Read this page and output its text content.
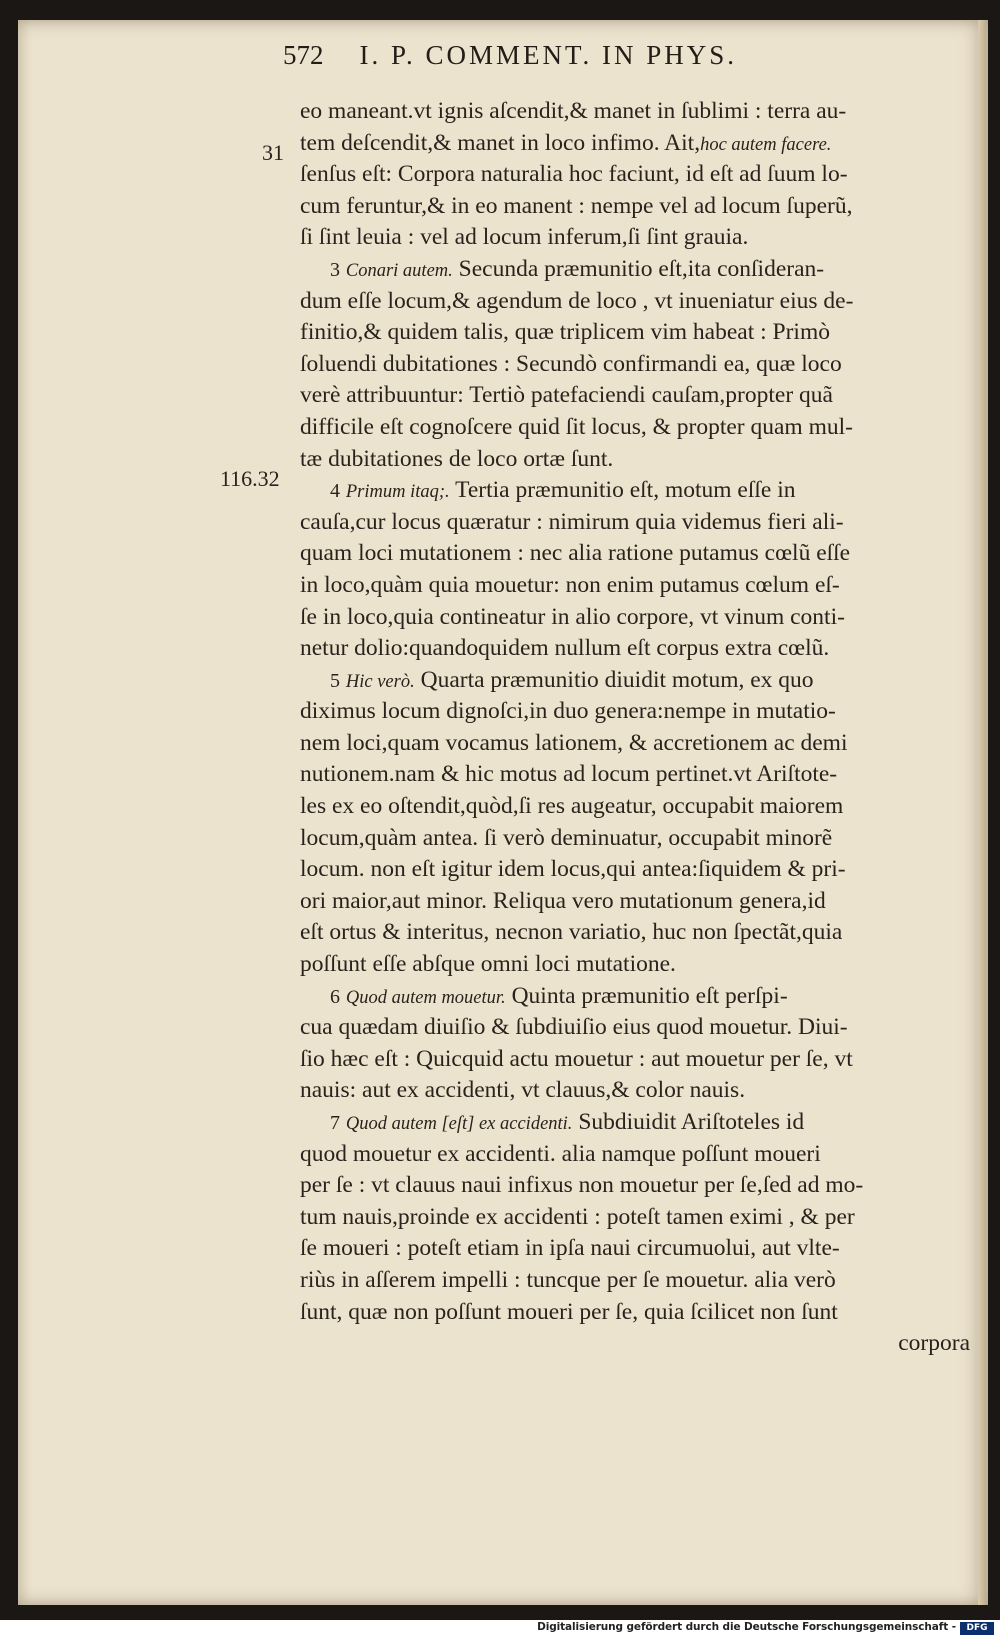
572 I. P. COMMENT. IN PHYS.
31
116.32
eo maneant.vt ignis aſcendit,& manet in ſublimi : terra au-
tem deſcendit,& manet in loco infimo. Ait,hoc autem facere.
ſenſus eſt: Corpora naturalia hoc faciunt, id eſt ad ſuum lo-
cum feruntur,& in eo manent : nempe vel ad locum ſuperũ,
ſi ſint leuia : vel ad locum inferum,ſi ſint grauia.
3 Conari autem. Secunda præmunitio eſt,ita conſideran-
dum eſſe locum,& agendum de loco , vt inueniatur eius de-
finitio,& quidem talis, quæ triplicem vim habeat : Primò
ſoluendi dubitationes : Secundò confirmandi ea, quæ loco
verè attribuuntur: Tertiò patefaciendi cauſam,propter quã
difficile eſt cognoſcere quid ſit locus, & propter quam mul-
tæ dubitationes de loco ortæ ſunt.
4 Primum itaq;. Tertia præmunitio eſt, motum eſſe in
cauſa,cur locus quæratur : nimirum quia videmus fieri ali-
quam loci mutationem : nec alia ratione putamus cœlũ eſſe
in loco,quàm quia mouetur: non enim putamus cœlum eſ-
ſe in loco,quia contineatur in alio corpore, vt vinum conti-
netur dolio:quandoquidem nullum eſt corpus extra cœlũ.
5 Hic verò. Quarta præmunitio diuidit motum, ex quo
diximus locum dignoſci,in duo genera:nempe in mutatio-
nem loci,quam vocamus lationem, & accretionem ac demi
nutionem.nam & hic motus ad locum pertinet.vt Ariſtote-
les ex eo oſtendit,quòd,ſi res augeatur, occupabit maiorem
locum,quàm antea. ſi verò deminuatur, occupabit minorẽ
locum. non eſt igitur idem locus,qui antea:ſiquidem & pri-
ori maior,aut minor. Reliqua vero mutationum genera,id
eſt ortus & interitus, necnon variatio, huc non ſpectãt,quia
poſſunt eſſe abſque omni loci mutatione.
6 Quod autem mouetur. Quinta præmunitio eſt perſpi-
cua quædam diuiſio & ſubdiuiſio eius quod mouetur. Diui-
ſio hæc eſt : Quicquid actu mouetur : aut mouetur per ſe, vt
nauis: aut ex accidenti, vt clauus,& color nauis.
7 Quod autem [eſt] ex accidenti. Subdiuidit Ariſtoteles id
quod mouetur ex accidenti. alia namque poſſunt moueri
per ſe : vt clauus naui infixus non mouetur per ſe,ſed ad mo-
tum nauis,proinde ex accidenti : poteſt tamen eximi , & per
ſe moueri : poteſt etiam in ipſa naui circumuolui, aut vlte-
riùs in aſſerem impelli : tuncque per ſe mouetur. alia verò
ſunt, quæ non poſſunt moueri per ſe, quia ſcilicet non ſunt
corpora
Digitalisierung gefördert durch die Deutsche Forschungsgemeinschaft -	DFG
